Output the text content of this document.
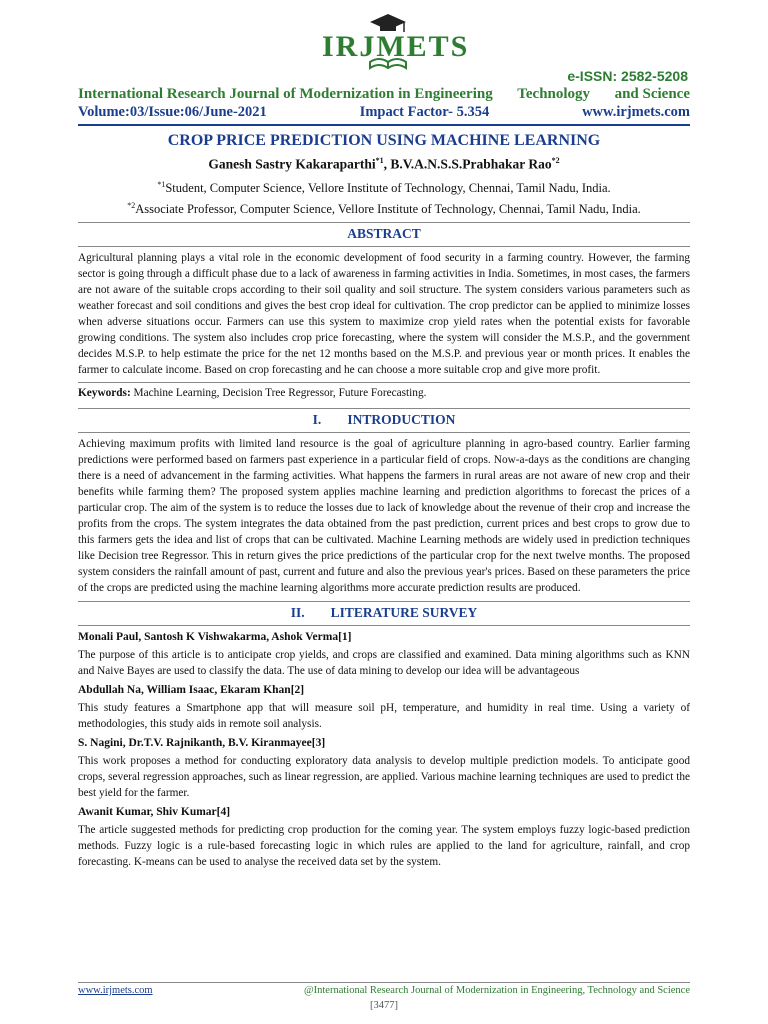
IRJMETS
e-ISSN: 2582-5208
International Research Journal of Modernization in Engineering Technology and Science
Volume:03/Issue:06/June-2021	Impact Factor- 5.354	www.irjmets.com
CROP PRICE PREDICTION USING MACHINE LEARNING
Ganesh Sastry Kakaraparthi$^{*1}$, B.V.A.N.S.S.Prabhakar Rao$^{*2}$
$^{*1}$Student, Computer Science, Vellore Institute of Technology, Chennai, Tamil Nadu, India.
$^{*2}$Associate Professor, Computer Science, Vellore Institute of Technology, Chennai, Tamil Nadu, India.
ABSTRACT

Agricultural planning plays a vital role in the economic development of food security in a farming country. However, the farming sector is going through a difficult phase due to a lack of awareness in farming activities in India. Sometimes, in most cases, the farmers are not aware of the suitable crops according to their soil quality and soil structure. The system considers various parameters such as weather forecast and soil conditions and gives the best crop ideal for cultivation. The crop predictor can be applied to minimize losses when adverse situations occur. Farmers can use this system to maximize crop yield rates when the potential exists for favorable growing conditions. The system also includes crop price forecasting, where the system will consider the M.S.P., and the government decides M.S.P. to help estimate the price for the net 12 months based on the M.S.P. and previous year or month prices. It enables the farmer to calculate income. Based on crop forecasting and he can choose a more suitable crop and give more profit.

Keywords: Machine Learning, Decision Tree Regressor, Future Forecasting.
I. INTRODUCTION

Achieving maximum profits with limited land resource is the goal of agriculture planning in agro-based country. Earlier farming predictions were performed based on farmers past experience in a particular field of crops. Now-a-days as the conditions are changing there is a need of advancement in the farming activities. What happens the farmers in rural areas are not aware of new crop and their benefits while farming them? The proposed system applies machine learning and prediction algorithms to forecast the prices of a particular crop. The aim of the system is to reduce the losses due to lack of knowledge about the revenue of their crop and increase the profits from the crops. The system integrates the data obtained from the past prediction, current prices and best crops to grow due to this farmers gets the idea and list of crops that can be cultivated. Machine Learning methods are widely used in prediction techniques like Decision tree Regressor. This in return gives the price predictions of the particular crop for the next twelve months. The proposed system considers the rainfall amount of past, current and future and also the previous year's prices. Based on these parameters the price of the crops are predicted using the machine learning algorithms more accurate prediction results are produced.

II. LITERATURE SURVEY
Monali Paul, Santosh K Vishwakarma, Ashok Verma[1]

The purpose of this article is to anticipate crop yields, and crops are classified and examined. Data mining algorithms such as KNN and Naive Bayes are used to classify the data. The use of data mining to develop our idea will be advantageous

Abdullah Na, William Isaac, Ekaram Khan[2]

This study features a Smartphone app that will measure soil pH, temperature, and humidity in real time. Using a variety of methodologies, this study aids in remote soil analysis.

S. Nagini, Dr.T.V. Rajnikanth, B.V. Kiranmayee[3]

This work proposes a method for conducting exploratory data analysis to develop multiple prediction models. To anticipate good crops, several regression approaches, such as linear regression, are applied. Various machine learning techniques are used to predict the best yield for the farmer.

Awanit Kumar, Shiv Kumar[4]

The article suggested methods for predicting crop production for the coming year. The system employs fuzzy logic-based prediction methods. Fuzzy logic is a rule-based forecasting logic in which rules are applied to the land for agriculture, rainfall, and crop forecasting. K-means can be used to analyse the received data set by the system.

www.irjmets.com	@International Research Journal of Modernization in Engineering, Technology and Science
[3477]
